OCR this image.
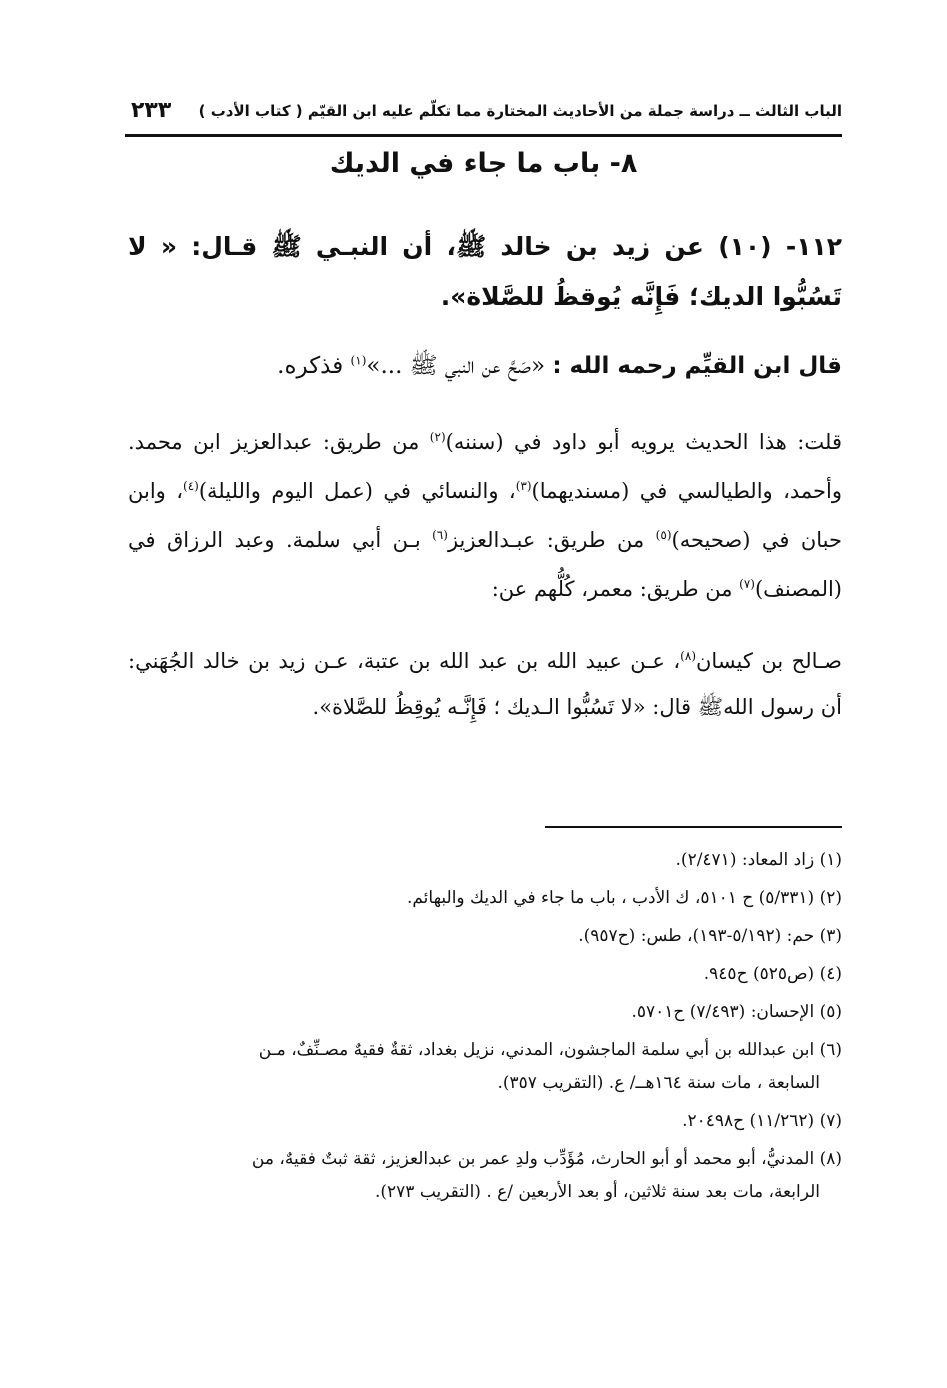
الباب الثالث ــ دراسة جملة من الأحاديث المختارة مما تكلّم عليه ابن القيّم ( كتاب الأدب )
٢٣٣
٨- باب ما جاء في الديك
١١٢- (١٠) عن زيد بن خالد ﷺ، أن النبـي ﷺ قـال: « لا تَسُبُّوا الديك؛ فَإِنَّه يُوقظُ للصَّلاة».
قال ابن القيِّم رحمه الله : «صَحَّ عن النبي ﷺ ...»$^{(١)}$ فذكره.
قلت: هذا الحديث يرويه أبو داود في (سننه)$^{(٢)}$ من طريق: عبدالعزيز ابن محمد. وأحمد، والطيالسي في (مسنديهما)$^{(٣)}$، والنسائي في (عمل اليوم والليلة)$^{(٤)}$، وابن حبان في (صحيحه)$^{(٥)}$ من طريق: عبـدالعزيز$^{(٦)}$ بـن أبي سلمة. وعبد الرزاق في (المصنف)$^{(٧)}$ من طريق: معمر، كُلُّهم عن:
صـالح بن كيسان$^{(٨)}$، عـن عبيد الله بن عبد الله بن عتبة، عـن زيد بن خالد الجُهَني: أن رسول اللهﷺ قال: «لا تَسُبُّوا الـديك ؛ فَإِنَّـه يُوقِظُ للصَّلاة».
(١) زاد المعاد: (٢/٤٧١).
(٢) (٥/٣٣١) ح ٥١٠١، ك الأدب ، باب ما جاء في الديك والبهائم.
(٣) حم: (٥/١٩٢-١٩٣)، طس: (ح٩٥٧).
(٤) (ص٥٢٥) ح٩٤٥.
(٥) الإحسان: (٧/٤٩٣) ح٥٧٠١.
(٦) ابن عبدالله بن أبي سلمة الماجشون، المدني، نزيل بغداد، ثقةٌ فقيهٌ مصـنِّفٌ، مـن
السابعة ، مات سنة ١٦٤هــ/ ع. (التقريب ٣٥٧).
(٧) (١١/٢٦٢) ح٢٠٤٩٨.
(٨) المدنيُّ، أبو محمد أو أبو الحارث، مُؤَدِّب ولدِ عمر بن عبدالعزيز، ثقة ثبتٌ فقيهٌ، من
الرابعة، مات بعد سنة ثلاثين، أو بعد الأربعين /ع . (التقريب ٢٧٣).
